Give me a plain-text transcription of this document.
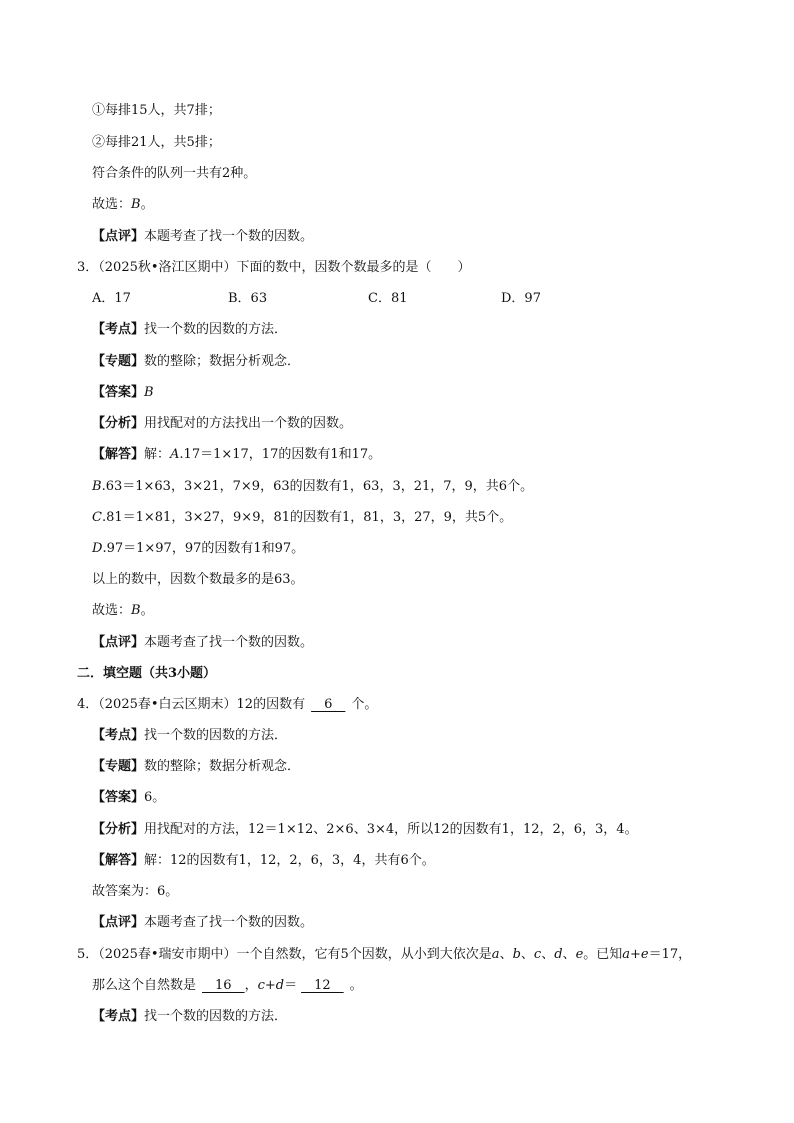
①每排15人，共7排；
②每排21人，共5排；
符合条件的队列一共有2种。
故选：B。
【点评】本题考查了找一个数的因数。
3．（2025秋•洛江区期中）下面的数中，因数个数最多的是（　　）
A．17	B．63	C．81	D．97
【考点】找一个数的因数的方法．
【专题】数的整除；数据分析观念．
【答案】B
【分析】用找配对的方法找出一个数的因数。
【解答】解：A.17＝1×17，17的因数有1和17。
B.63＝1×63，3×21，7×9，63的因数有1，63，3，21，7，9，共6个。
C.81＝1×81，3×27，9×9，81的因数有1，81，3，27，9，共5个。
D.97＝1×97，97的因数有1和97。
以上的数中，因数个数最多的是63。
故选：B。
【点评】本题考查了找一个数的因数。
二．填空题（共3小题）
4．（2025春•白云区期末）12的因数有　6　个。
【考点】找一个数的因数的方法．
【专题】数的整除；数据分析观念．
【答案】6。
【分析】用找配对的方法，12＝1×12、2×6、3×4，所以12的因数有1，12，2，6，3，4。
【解答】解：12的因数有1，12，2，6，3，4，共有6个。
故答案为：6。
【点评】本题考查了找一个数的因数。
5．（2025春•瑞安市期中）一个自然数，它有5个因数，从小到大依次是a、b、c、d、e。已知a+e＝17，
那么这个自然数是　16　，c+d＝　12　。
【考点】找一个数的因数的方法．
